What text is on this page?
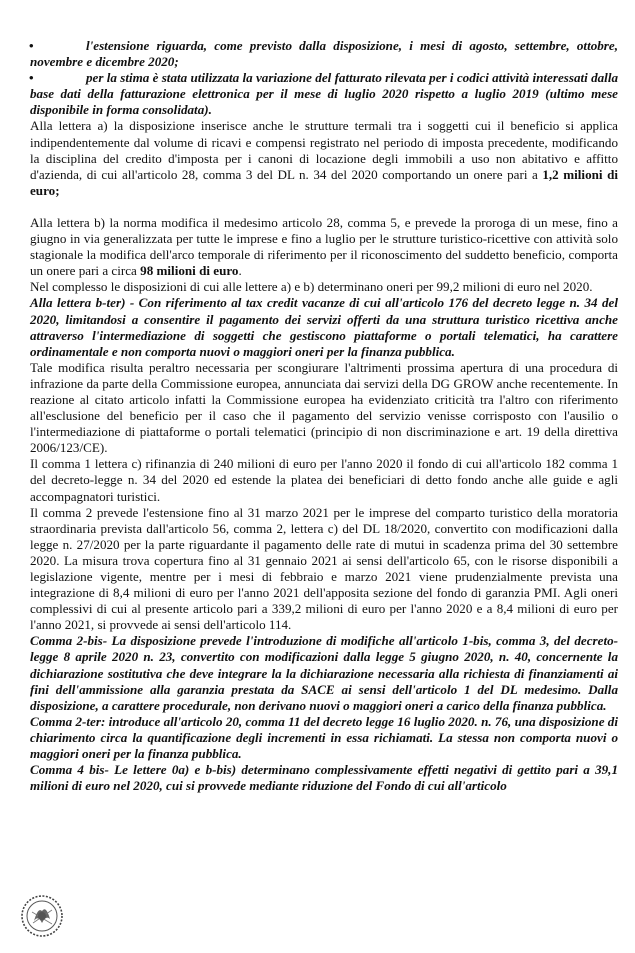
•	l'estensione riguarda, come previsto dalla disposizione, i mesi di agosto, settembre, ottobre, novembre e dicembre 2020;

•	per la stima è stata utilizzata la variazione del fatturato rilevata per i codici attività interessati dalla base dati della fatturazione elettronica per il mese di luglio 2020 rispetto a luglio 2019 (ultimo mese disponibile in forma consolidata).

Alla lettera a) la disposizione inserisce anche le strutture termali tra i soggetti cui il beneficio si applica indipendentemente dal volume di ricavi e compensi registrato nel periodo di imposta precedente, modificando la disciplina del credito d'imposta per i canoni di locazione degli immobili a uso non abitativo e affitto d'azienda, di cui all'articolo 28, comma 3 del DL n. 34 del 2020 comportando un onere pari a 1,2 milioni di euro;

Alla lettera b) la norma modifica il medesimo articolo 28, comma 5, e prevede la proroga di un mese, fino a giugno in via generalizzata per tutte le imprese e fino a luglio per le strutture turistico-ricettive con attività solo stagionale la modifica dell'arco temporale di riferimento per il riconoscimento del suddetto beneficio, comporta un onere pari a circa 98 milioni di euro.

Nel complesso le disposizioni di cui alle lettere a) e b) determinano oneri per 99,2 milioni di euro nel 2020.

Alla lettera b-ter) - Con riferimento al tax credit vacanze di cui all'articolo 176 del decreto legge n. 34 del 2020, limitandosi a consentire il pagamento dei servizi offerti da una struttura turistico ricettiva anche attraverso l'intermediazione di soggetti che gestiscono piattaforme o portali telematici, ha carattere ordinamentale e non comporta nuovi o maggiori oneri per la finanza pubblica.

Tale modifica risulta peraltro necessaria per scongiurare l'altrimenti prossima apertura di una procedura di infrazione da parte della Commissione europea, annunciata dai servizi della DG GROW anche recentemente. In reazione al citato articolo infatti la Commissione europea ha evidenziato criticità tra l'altro con riferimento all'esclusione del beneficio per il caso che il pagamento del servizio venisse corrisposto con l'ausilio o l'intermediazione di piattaforme o portali telematici (principio di non discriminazione e art. 19 della direttiva 2006/123/CE).

Il comma 1 lettera c) rifinanzia di 240 milioni di euro per l'anno 2020 il fondo di cui all'articolo 182 comma 1 del decreto-legge n. 34 del 2020 ed estende la platea dei beneficiari di detto fondo anche alle guide e agli accompagnatori turistici.

Il comma 2 prevede l'estensione fino al 31 marzo 2021 per le imprese del comparto turistico della moratoria straordinaria prevista dall'articolo 56, comma 2, lettera c) del DL 18/2020, convertito con modificazioni dalla legge n. 27/2020 per la parte riguardante il pagamento delle rate di mutui in scadenza prima del 30 settembre 2020. La misura trova copertura fino al 31 gennaio 2021 ai sensi dell'articolo 65, con le risorse disponibili a legislazione vigente, mentre per i mesi di febbraio e marzo 2021 viene prudenzialmente prevista una integrazione di 8,4 milioni di euro per l'anno 2021 dell'apposita sezione del fondo di garanzia PMI. Agli oneri complessivi di cui al presente articolo pari a 339,2 milioni di euro per l'anno 2020 e a 8,4 milioni di euro per l'anno 2021, si provvede ai sensi dell'articolo 114.

Comma 2-bis- La disposizione prevede l'introduzione di modifiche all'articolo 1-bis, comma 3, del decreto-legge 8 aprile 2020 n. 23, convertito con modificazioni dalla legge 5 giugno 2020, n. 40, concernente la dichiarazione sostitutiva che deve integrare la la dichiarazione necessaria alla richiesta di finanziamenti ai fini dell'ammissione alla garanzia prestata da SACE ai sensi dell'articolo 1 del DL medesimo. Dalla disposizione, a carattere procedurale, non derivano nuovi o maggiori oneri a carico della finanza pubblica.

Comma 2-ter: introduce all'articolo 20, comma 11 del decreto legge 16 luglio 2020. n. 76, una disposizione di chiarimento circa la quantificazione degli incrementi in essa richiamati. La stessa non comporta nuovi o maggiori oneri per la finanza pubblica.

Comma 4 bis- Le lettere 0a) e b-bis) determinano complessivamente effetti negativi di gettito pari a 39,1 milioni di euro nel 2020, cui si provvede mediante riduzione del Fondo di cui all'articolo
